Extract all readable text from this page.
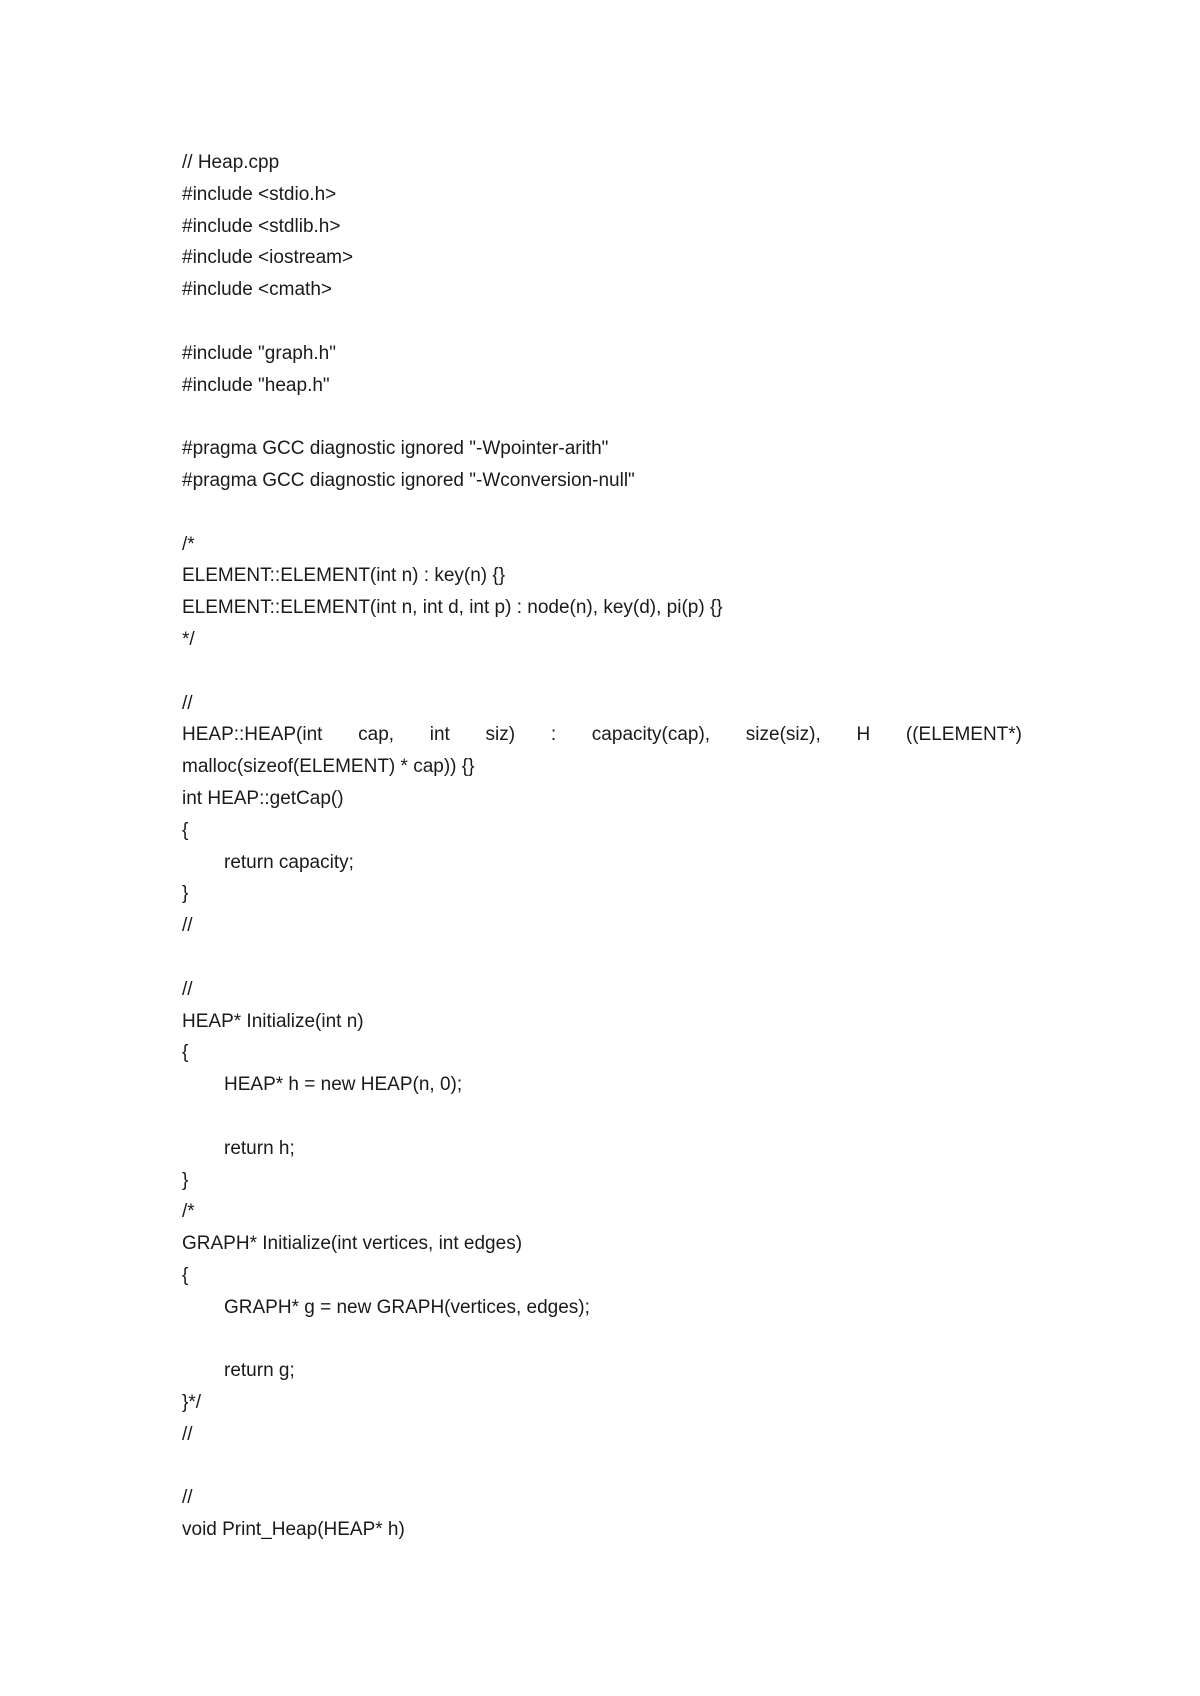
// Heap.cpp
#include <stdio.h>
#include <stdlib.h>
#include <iostream>
#include <cmath>
#include "graph.h"
#include "heap.h"
#pragma GCC diagnostic ignored "-Wpointer-arith"
#pragma GCC diagnostic ignored "-Wconversion-null"
/*
ELEMENT::ELEMENT(int n) : key(n) {}
ELEMENT::ELEMENT(int n, int d, int p) : node(n), key(d), pi(p) {}
*/
//
HEAP::HEAP(int cap, int siz) : capacity(cap), size(siz), H ((ELEMENT*)
malloc(sizeof(ELEMENT) * cap)) {}
int HEAP::getCap()
{
return capacity;
}
//
//
HEAP* Initialize(int n)
{
HEAP* h = new HEAP(n, 0);
return h;
}
/*
GRAPH* Initialize(int vertices, int edges)
{
GRAPH* g = new GRAPH(vertices, edges);
return g;
}*/
//
//
void Print_Heap(HEAP* h)
